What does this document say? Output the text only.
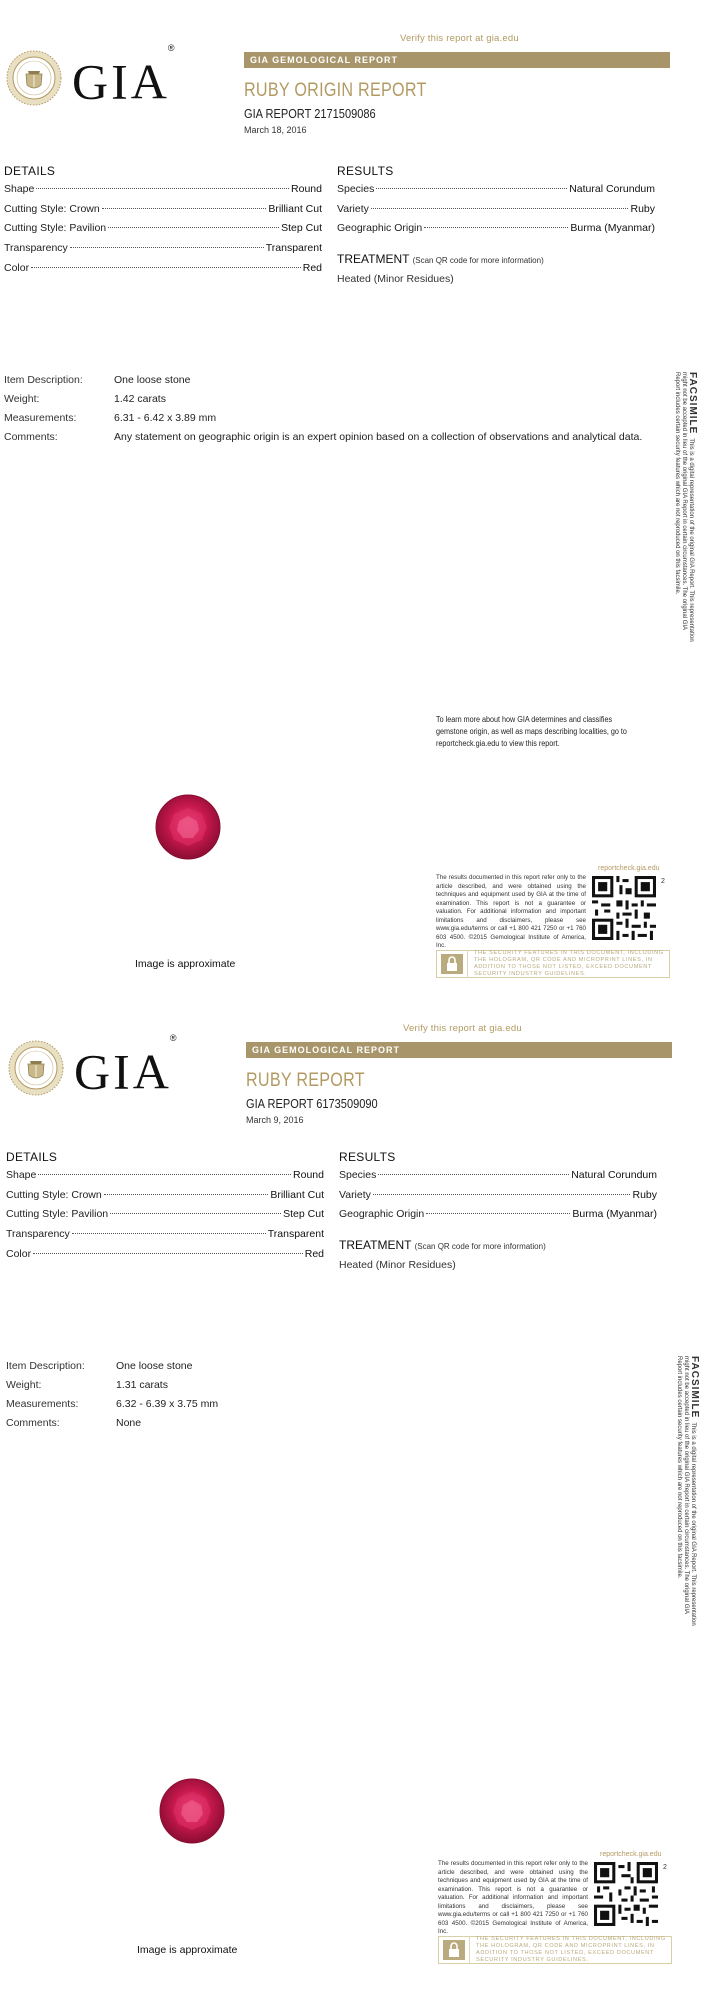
Verify this report at gia.edu
GIA®
GIA GEMOLOGICAL REPORT
RUBY ORIGIN REPORT
GIA REPORT 2171509086
March 18, 2016
DETAILS
Shape	Round
Cutting Style: Crown	Brilliant Cut
Cutting Style: Pavilion	Step Cut
Transparency	Transparent
Color	Red
RESULTS
Species	Natural Corundum
Variety	Ruby
Geographic Origin	Burma (Myanmar)
TREATMENT (Scan QR code for more information)
Heated (Minor Residues)
Item Description:	One loose stone
Weight:	1.42 carats
Measurements:	6.31 - 6.42 x 3.89 mm
Comments:	Any statement on geographic origin is an expert opinion based on a collection of observations and analytical data.
FACSIMILEThis is a digital representation of the original GIA Report. This representation might not be accepted in lieu of the original GIA Report in certain circumstances. The original GIA Report includes certain security features which are not reproduced on this facsimile.
To learn more about how GIA determines and classifies gemstone origin, as well as maps describing localities, go to reportcheck.gia.edu to view this report.
Image is approximate
reportcheck.gia.edu
The results documented in this report refer only to the article described, and were obtained using the techniques and equipment used by GIA at the time of examination. This report is not a guarantee or valuation. For additional information and important limitations and disclaimers, please see www.gia.edu/terms or call +1 800 421 7250 or +1 760 603 4500. ©2015 Gemological Institute of America, Inc.
2
THE SECURITY FEATURES IN THIS DOCUMENT, INCLUDING THE HOLOGRAM, QR CODE AND MICROPRINT LINES, IN ADDITION TO THOSE NOT LISTED, EXCEED DOCUMENT SECURITY INDUSTRY GUIDELINES.
Verify this report at gia.edu
GIA®
GIA GEMOLOGICAL REPORT
RUBY REPORT
GIA REPORT 6173509090
March 9, 2016
DETAILS
Shape	Round
Cutting Style: Crown	Brilliant Cut
Cutting Style: Pavilion	Step Cut
Transparency	Transparent
Color	Red
RESULTS
Species	Natural Corundum
Variety	Ruby
Geographic Origin	Burma (Myanmar)
TREATMENT (Scan QR code for more information)
Heated (Minor Residues)
Item Description:	One loose stone
Weight:	1.31 carats
Measurements:	6.32 - 6.39 x 3.75 mm
Comments:	None
FACSIMILEThis is a digital representation of the original GIA Report. This representation might not be accepted in lieu of the original GIA Report in certain circumstances. The original GIA Report includes certain security features which are not reproduced on this facsimile.
Image is approximate
reportcheck.gia.edu
The results documented in this report refer only to the article described, and were obtained using the techniques and equipment used by GIA at the time of examination. This report is not a guarantee or valuation. For additional information and important limitations and disclaimers, please see www.gia.edu/terms or call +1 800 421 7250 or +1 760 603 4500. ©2015 Gemological Institute of America, Inc.
2
THE SECURITY FEATURES IN THIS DOCUMENT, INCLUDING THE HOLOGRAM, QR CODE AND MICROPRINT LINES, IN ADDITION TO THOSE NOT LISTED, EXCEED DOCUMENT SECURITY INDUSTRY GUIDELINES.
